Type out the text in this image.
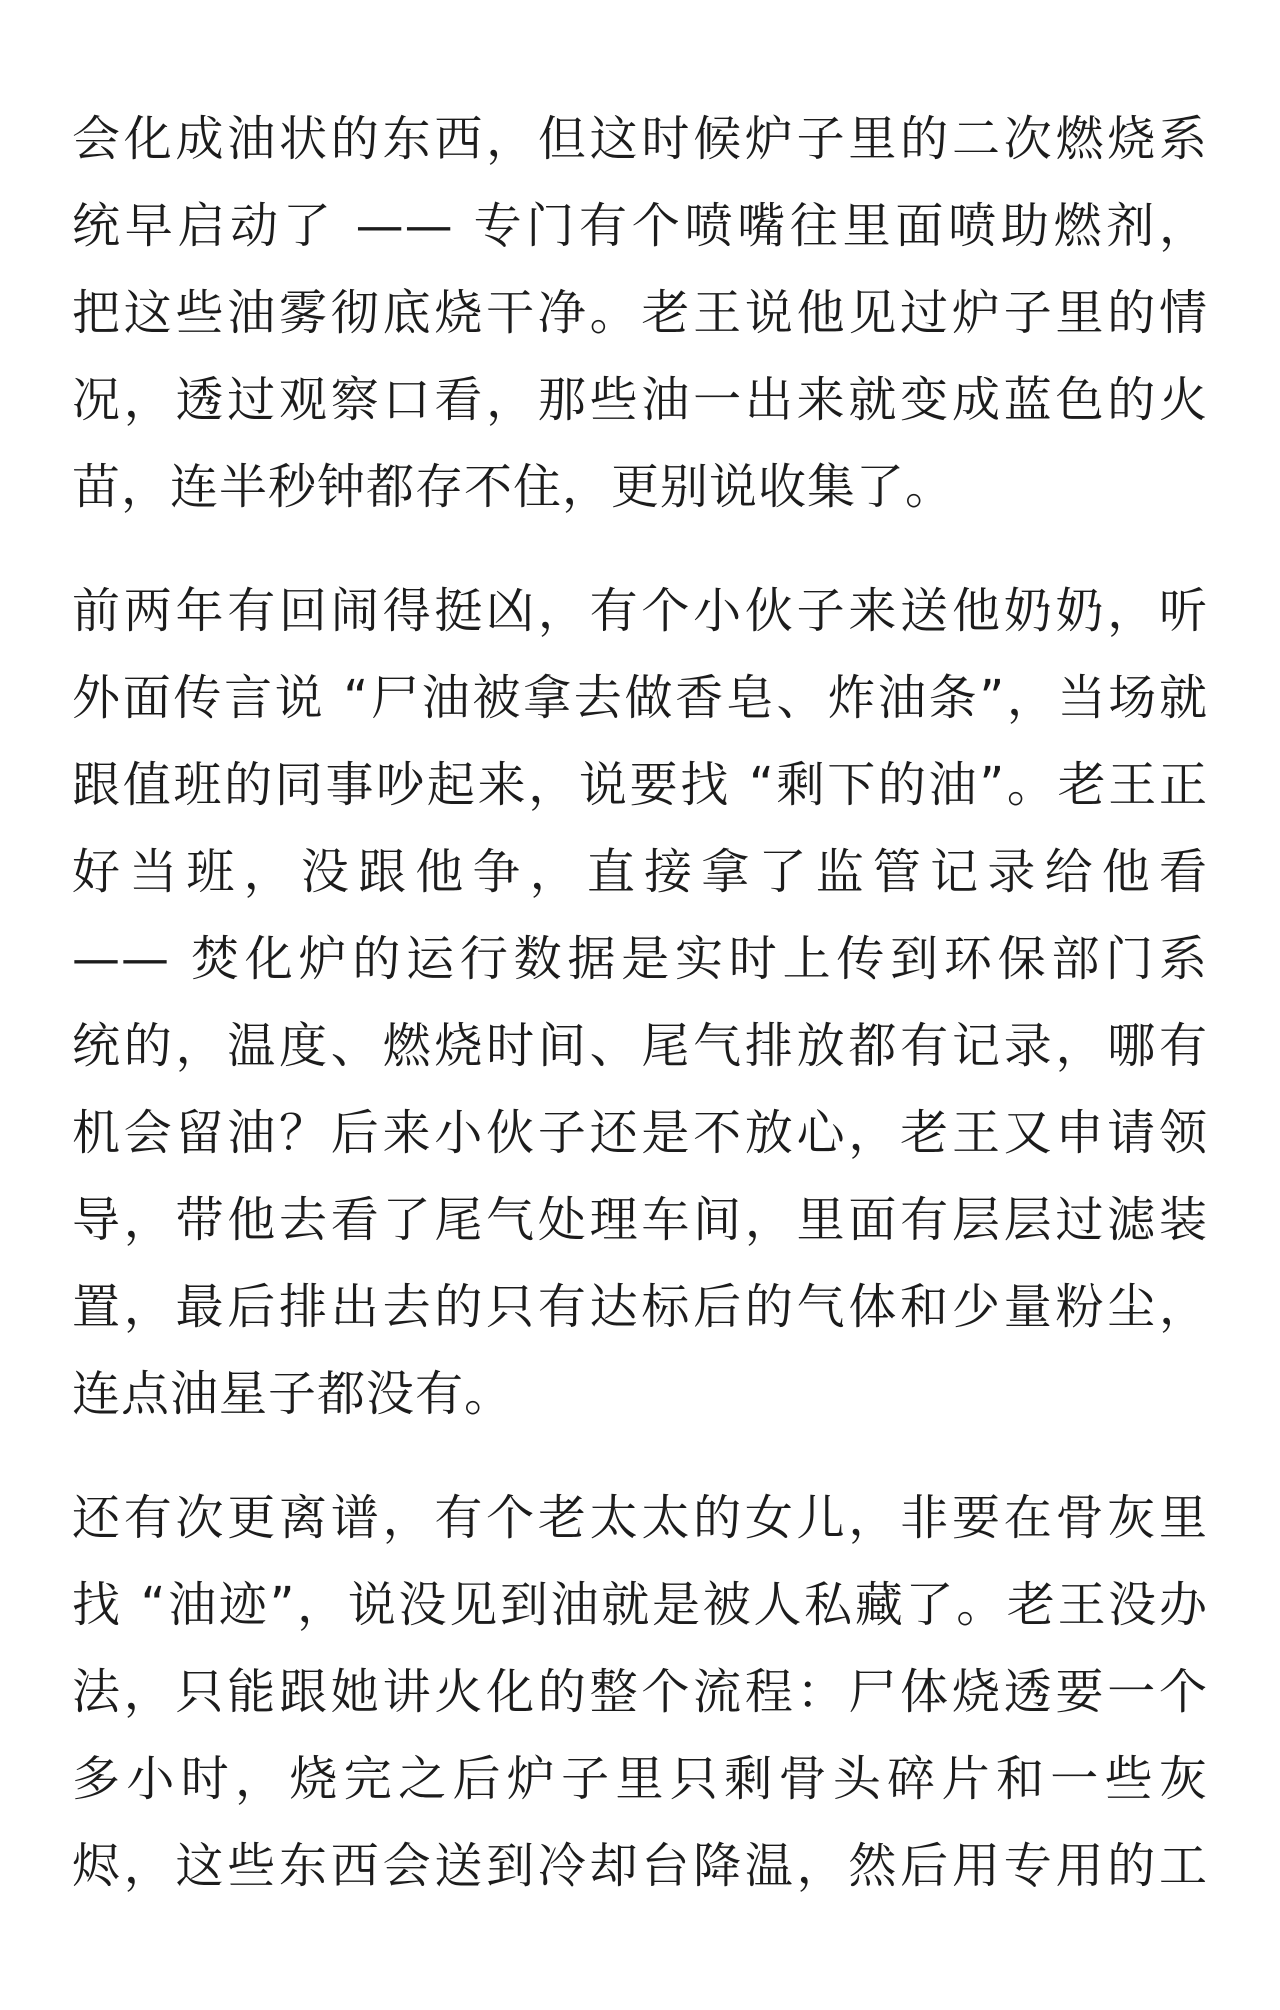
会化成油状的东西，但这时候炉子里的二次燃烧系
统早启动了 —— 专门有个喷嘴往里面喷助燃剂，
把这些油雾彻底烧干净。老王说他见过炉子里的情
况，透过观察口看，那些油一出来就变成蓝色的火
苗，连半秒钟都存不住，更别说收集了。
前两年有回闹得挺凶，有个小伙子来送他奶奶，听
外面传言说 “尸油被拿去做香皂、炸油条”，当场就
跟值班的同事吵起来，说要找 “剩下的油”。老王正
好当班，没跟他争，直接拿了监管记录给他看
—— 焚化炉的运行数据是实时上传到环保部门系
统的，温度、燃烧时间、尾气排放都有记录，哪有
机会留油？后来小伙子还是不放心，老王又申请领
导，带他去看了尾气处理车间，里面有层层过滤装
置，最后排出去的只有达标后的气体和少量粉尘，
连点油星子都没有。
还有次更离谱，有个老太太的女儿，非要在骨灰里
找 “油迹”，说没见到油就是被人私藏了。老王没办
法，只能跟她讲火化的整个流程：尸体烧透要一个
多小时，烧完之后炉子里只剩骨头碎片和一些灰
烬，这些东西会送到冷却台降温，然后用专用的工
